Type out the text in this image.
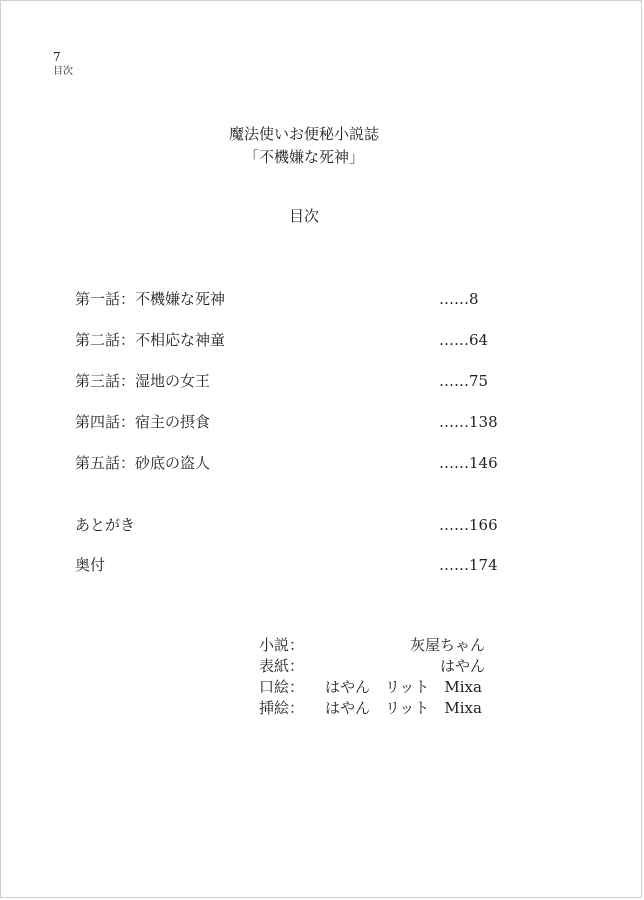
7
目次
魔法使いお便秘小説誌
「不機嫌な死神」
目次
第一話：不機嫌な死神	……8
第二話：不相応な神童	……64
第三話：湿地の女王	……75
第四話：宿主の摂食	……138
第五話：砂底の盗人	……146
あとがき	……166
奥付	……174
小説：	灰屋ちゃん
表紙：	はやん
口絵： はやん　リット　Mixa
挿絵： はやん　リット　Mixa
